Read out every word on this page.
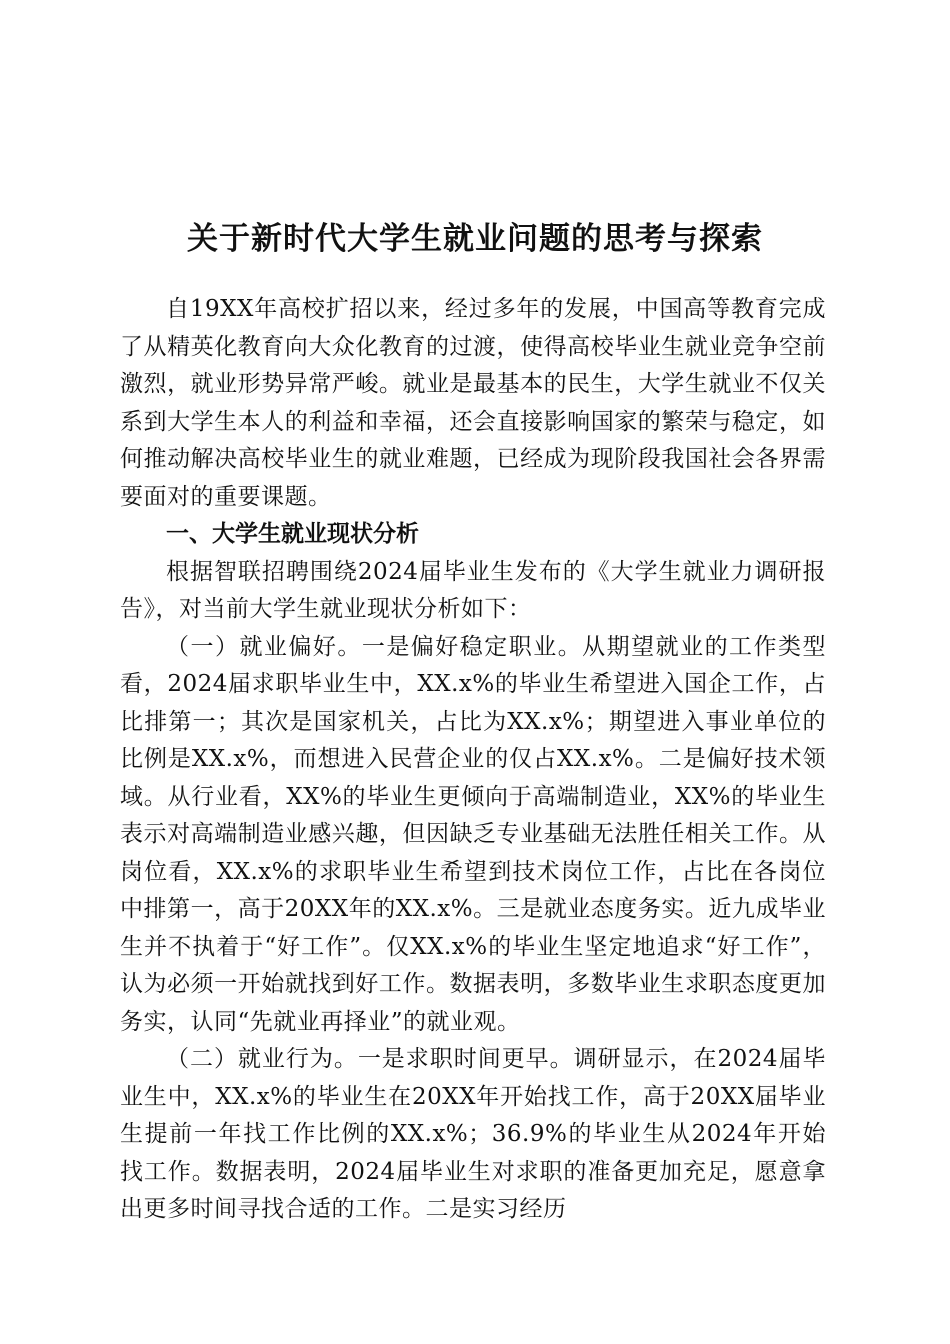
关于新时代大学生就业问题的思考与探索

自19XX年高校扩招以来，经过多年的发展，中国高等教育完成了从精英化教育向大众化教育的过渡，使得高校毕业生就业竞争空前激烈，就业形势异常严峻。就业是最基本的民生，大学生就业不仅关系到大学生本人的利益和幸福，还会直接影响国家的繁荣与稳定，如何推动解决高校毕业生的就业难题，已经成为现阶段我国社会各界需要面对的重要课题。

一、大学生就业现状分析

根据智联招聘围绕2024届毕业生发布的《大学生就业力调研报告》，对当前大学生就业现状分析如下：

（一）就业偏好。一是偏好稳定职业。从期望就业的工作类型看，2024届求职毕业生中，XX.x%的毕业生希望进入国企工作，占比排第一；其次是国家机关，占比为XX.x%；期望进入事业单位的比例是XX.x%，而想进入民营企业的仅占XX.x%。二是偏好技术领域。从行业看，XX%的毕业生更倾向于高端制造业，XX%的毕业生表示对高端制造业感兴趣，但因缺乏专业基础无法胜任相关工作。从岗位看，XX.x%的求职毕业生希望到技术岗位工作，占比在各岗位中排第一，高于20XX年的XX.x%。三是就业态度务实。近九成毕业生并不执着于“好工作”。仅XX.x%的毕业生坚定地追求“好工作”，认为必须一开始就找到好工作。数据表明，多数毕业生求职态度更加务实，认同“先就业再择业”的就业观。

（二）就业行为。一是求职时间更早。调研显示，在2024届毕业生中，XX.x%的毕业生在20XX年开始找工作，高于20XX届毕业生提前一年找工作比例的XX.x%；36.9%的毕业生从2024年开始找工作。数据表明，2024届毕业生对求职的准备更加充足，愿意拿出更多时间寻找合适的工作。二是实习经历
